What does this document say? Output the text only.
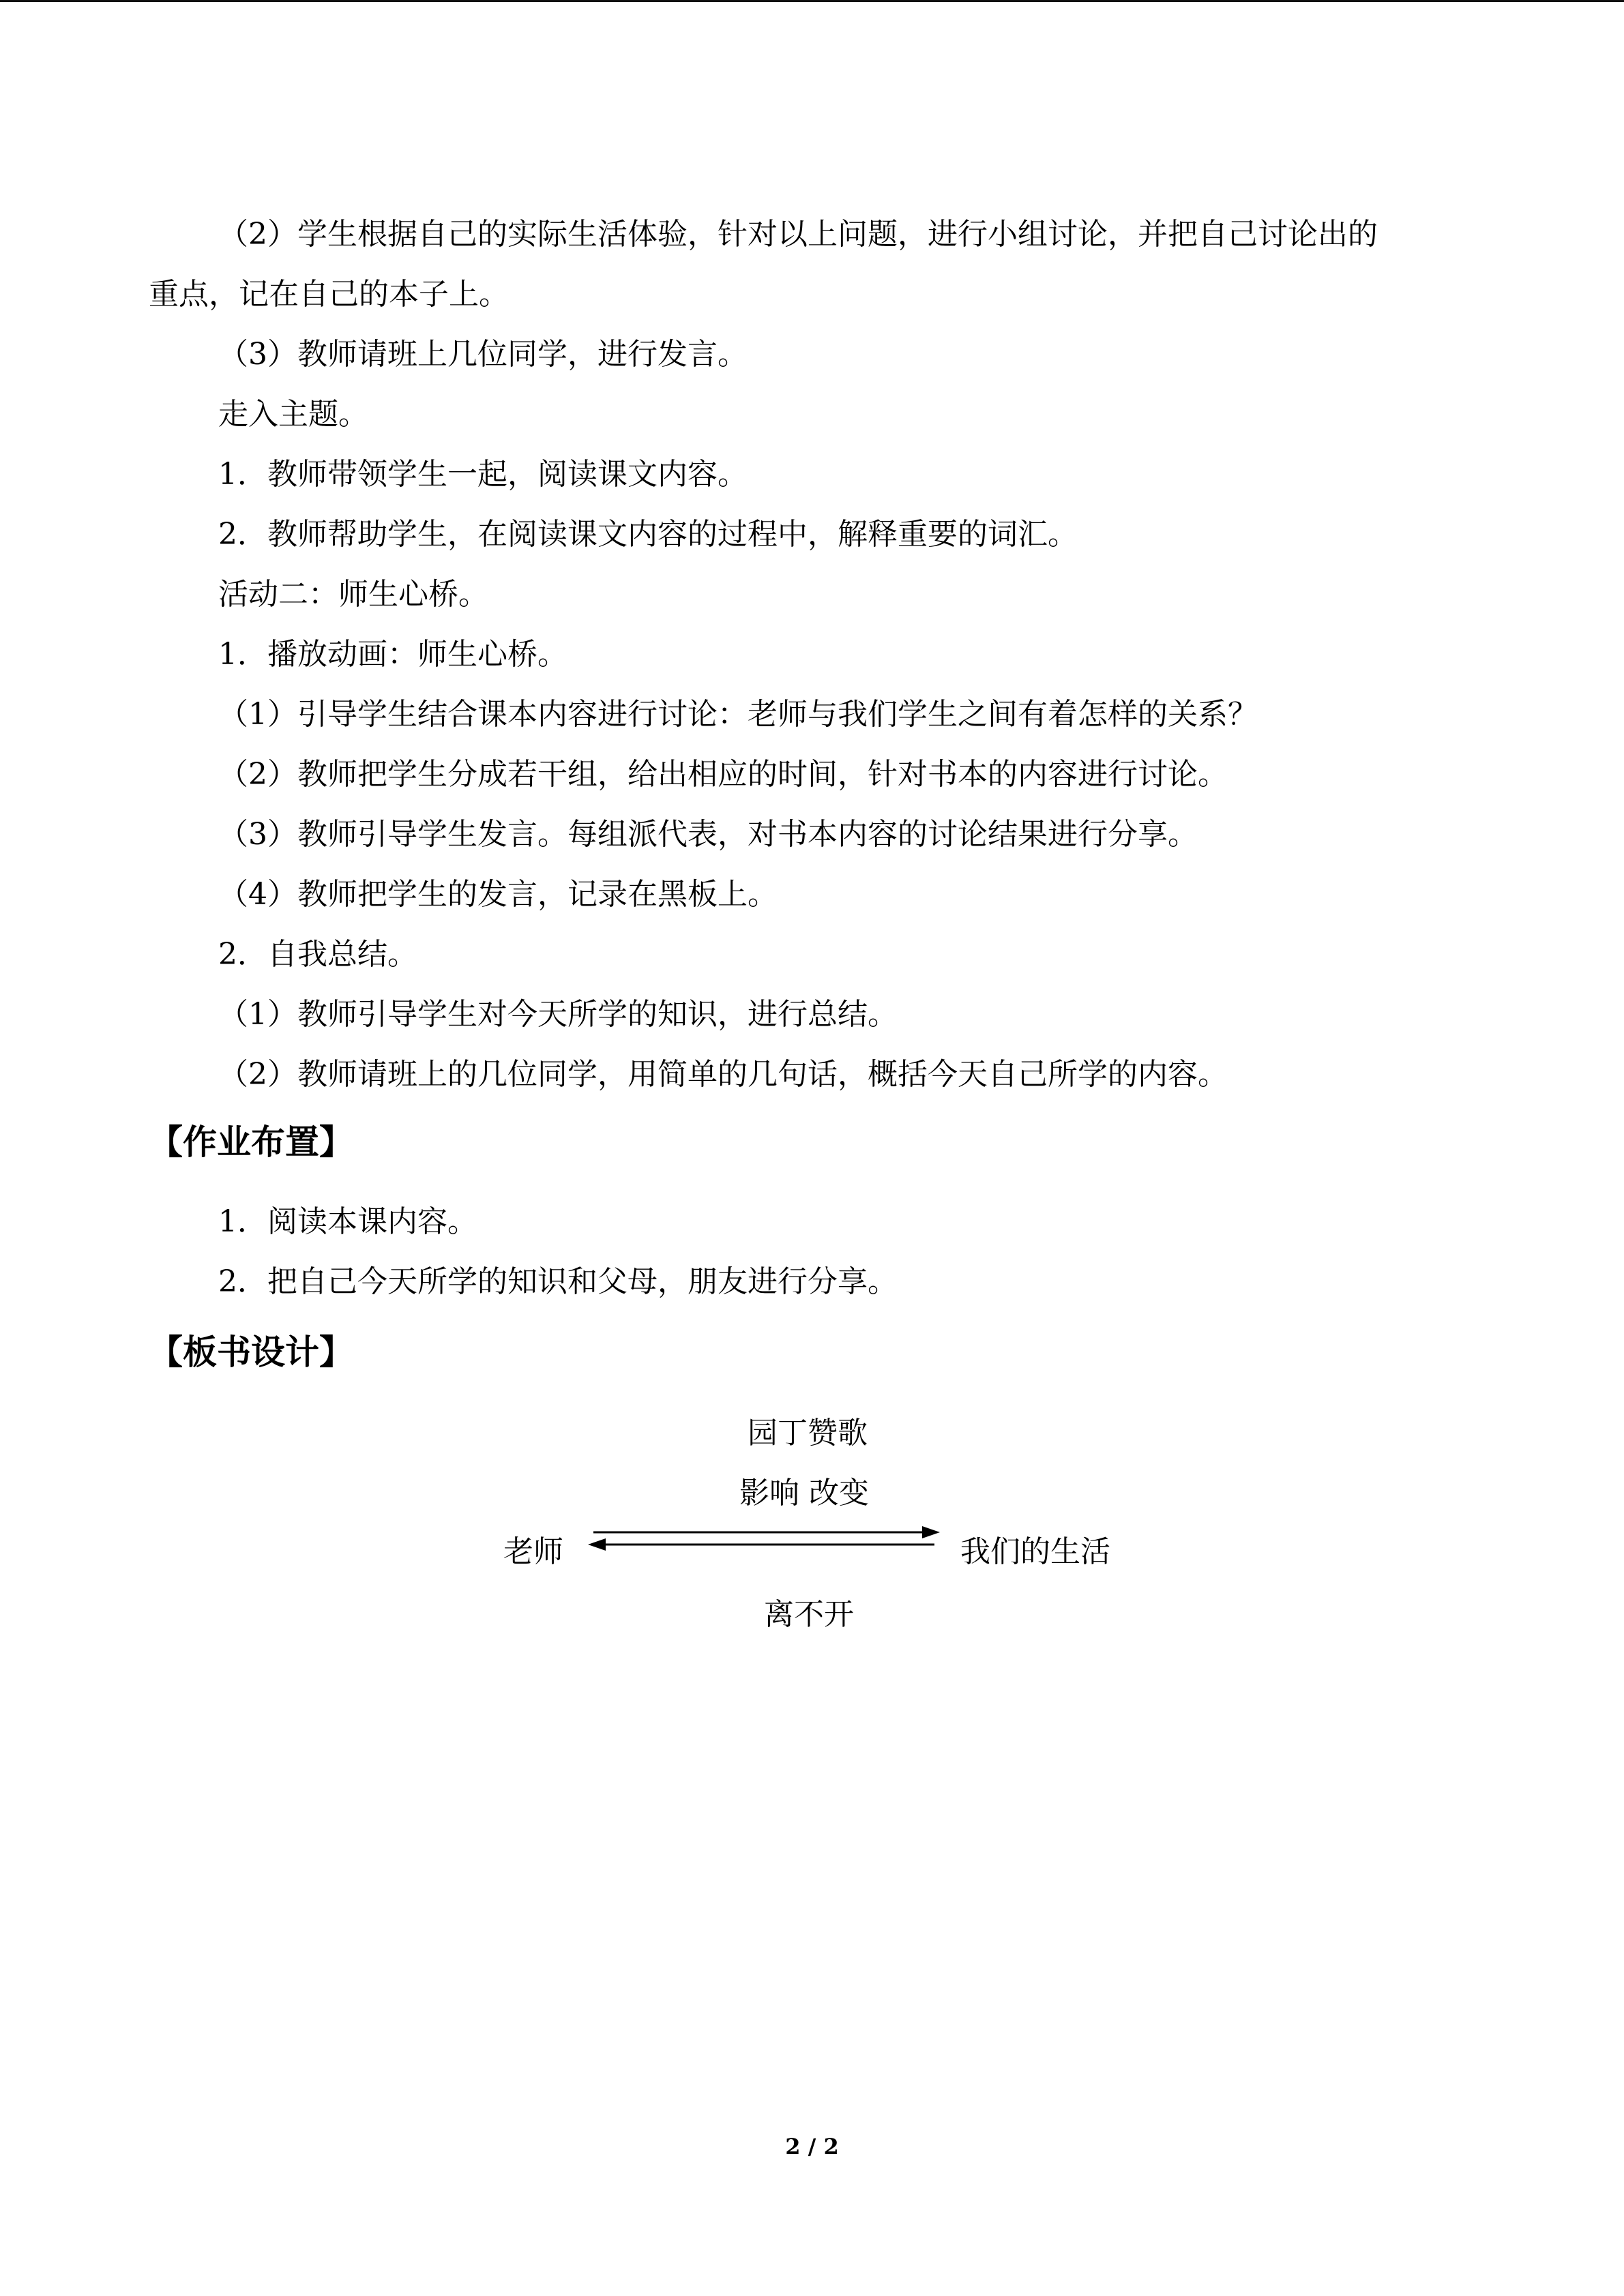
（2）学生根据自己的实际生活体验，针对以上问题，进行小组讨论，并把自己讨论出的
重点，记在自己的本子上。
（3）教师请班上几位同学，进行发言。
走入主题。
1．教师带领学生一起，阅读课文内容。
2．教师帮助学生，在阅读课文内容的过程中，解释重要的词汇。
活动二：师生心桥。
1．播放动画：师生心桥。
（1）引导学生结合课本内容进行讨论：老师与我们学生之间有着怎样的关系？
（2）教师把学生分成若干组，给出相应的时间，针对书本的内容进行讨论。
（3）教师引导学生发言。每组派代表，对书本内容的讨论结果进行分享。
（4）教师把学生的发言，记录在黑板上。
2．自我总结。
（1）教师引导学生对今天所学的知识，进行总结。
（2）教师请班上的几位同学，用简单的几句话，概括今天自己所学的内容。
【作业布置】
1．阅读本课内容。
2．把自己今天所学的知识和父母，朋友进行分享。
【板书设计】
园丁赞歌
影响 改变
老师	我们的生活
离不开
2 / 2
